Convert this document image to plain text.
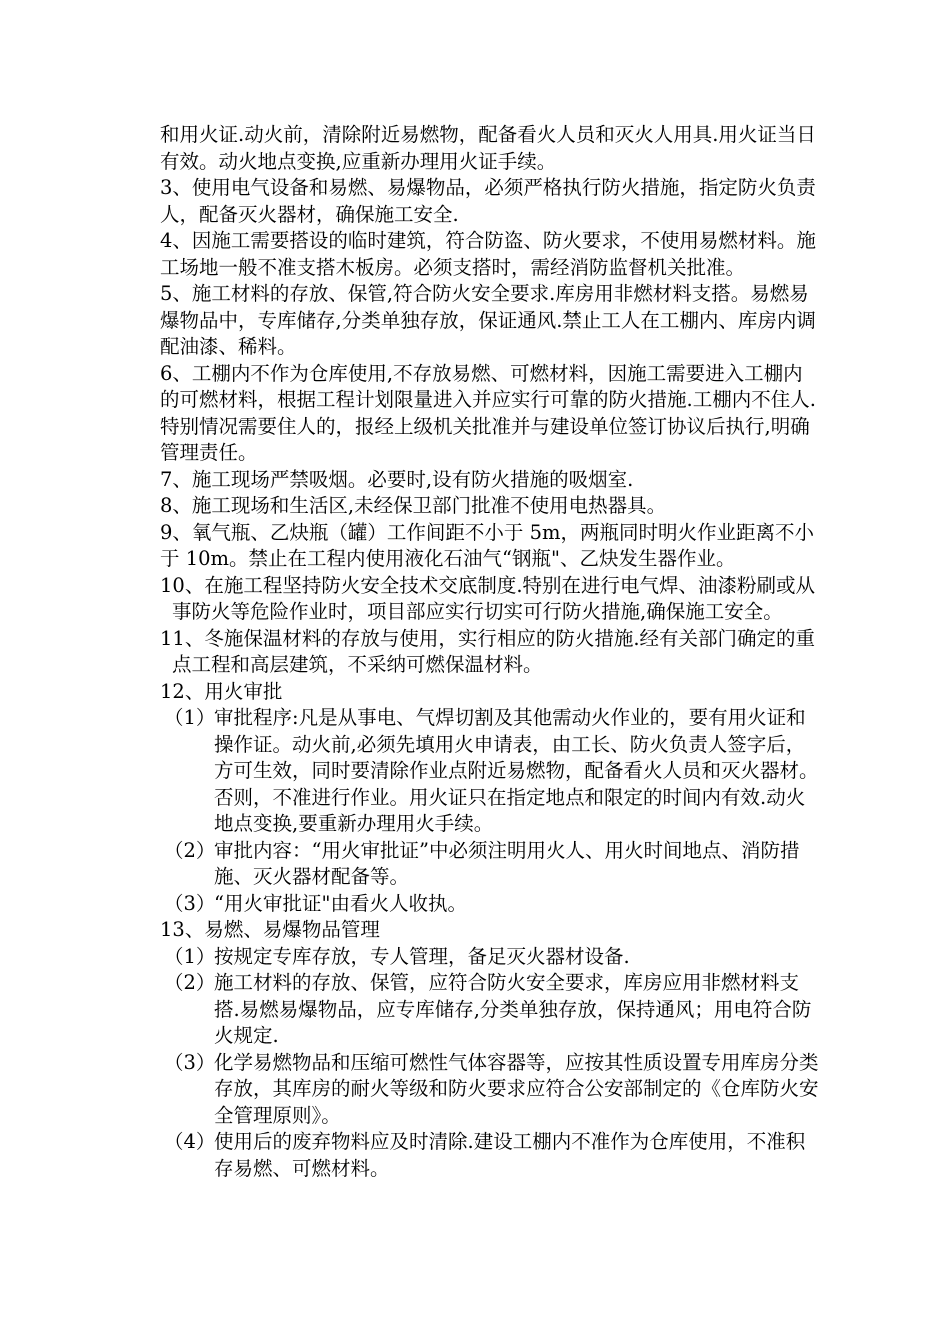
和用火证.动火前，清除附近易燃物，配备看火人员和灭火人用具.用火证当日有效。动火地点变换,应重新办理用火证手续。

3、使用电气设备和易燃、易爆物品，必须严格执行防火措施，指定防火负责人，配备灭火器材，确保施工安全.

4、因施工需要搭设的临时建筑，符合防盗、防火要求，不使用易燃材料。施工场地一般不准支搭木板房。必须支搭时，需经消防监督机关批准。

5、施工材料的存放、保管,符合防火安全要求.库房用非燃材料支搭。易燃易爆物品中，专库储存,分类单独存放，保证通风.禁止工人在工棚内、库房内调配油漆、稀料。

6、工棚内不作为仓库使用,不存放易燃、可燃材料，因施工需要进入工棚内的可燃材料，根据工程计划限量进入并应实行可靠的防火措施.工棚内不住人.特别情况需要住人的，报经上级机关批准并与建设单位签订协议后执行,明确管理责任。

7、施工现场严禁吸烟。必要时,设有防火措施的吸烟室.

8、施工现场和生活区,未经保卫部门批准不使用电热器具。

9、氧气瓶、乙炔瓶（罐）工作间距不小于 5m，两瓶同时明火作业距离不小于 10m。禁止在工程内使用液化石油气“钢瓶"、乙炔发生器作业。

10、在施工程坚持防火安全技术交底制度.特别在进行电气焊、油漆粉刷或从事防火等危险作业时，项目部应实行切实可行防火措施,确保施工安全。

11、冬施保温材料的存放与使用，实行相应的防火措施.经有关部门确定的重点工程和高层建筑，不采纳可燃保温材料。

12、用火审批

（1）
审批程序:凡是从事电、气焊切割及其他需动火作业的，要有用火证和操作证。动火前,必须先填用火申请表，由工长、防火负责人签字后，方可生效，同时要清除作业点附近易燃物，配备看火人员和灭火器材。否则，不准进行作业。用火证只在指定地点和限定的时间内有效.动火地点变换,要重新办理用火手续。
（2）
审批内容：“用火审批证”中必须注明用火人、用火时间地点、消防措施、灭火器材配备等。
（3）
“用火审批证"由看火人收执。

13、易燃、易爆物品管理

（1）
按规定专库存放，专人管理，备足灭火器材设备.
（2）
施工材料的存放、保管，应符合防火安全要求，库房应用非燃材料支搭.易燃易爆物品，应专库储存,分类单独存放，保持通风；用电符合防火规定.
（3）
化学易燃物品和压缩可燃性气体容器等，应按其性质设置专用库房分类存放，其库房的耐火等级和防火要求应符合公安部制定的《仓库防火安全管理原则》。
（4）
使用后的废弃物料应及时清除.建设工棚内不准作为仓库使用，不准积存易燃、可燃材料。
